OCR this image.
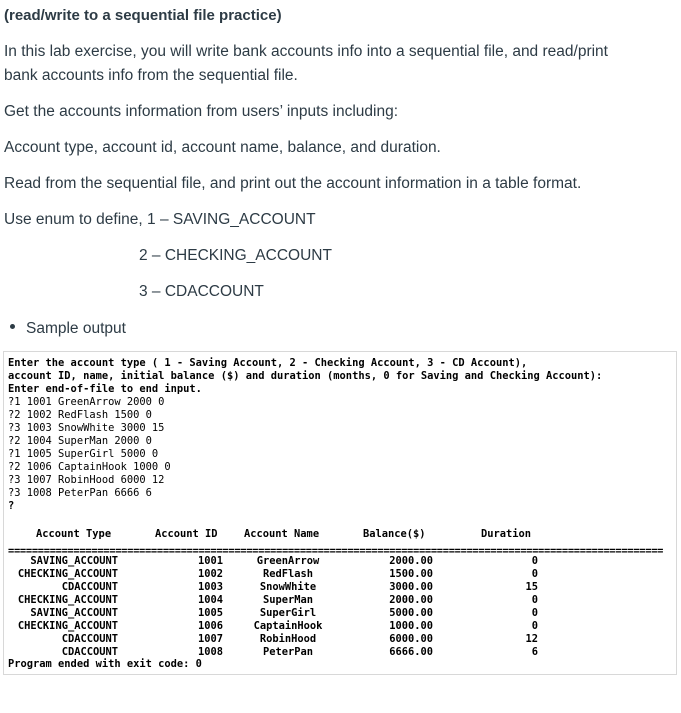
(read/write to a sequential file practice)
In this lab exercise, you will write bank accounts info into a sequential file, and read/print
bank accounts info from the sequential file.
Get the accounts information from users’ inputs including:
Account type, account id, account name, balance, and duration.
Read from the sequential file, and print out the account information in a table format.
Use enum to define, 1 – SAVING_ACCOUNT
2 – CHECKING_ACCOUNT
3 – CDACCOUNT
Sample output
Enter the account type ( 1 - Saving Account, 2 - Checking Account, 3 - CD Account),
account ID, name, initial balance ($) and duration (months, 0 for Saving and Checking Account):
Enter end-of-file to end input.
?1 1001 GreenArrow 2000 0
?2 1002 RedFlash 1500 0
?3 1003 SnowWhite 3000 15
?2 1004 SuperMan 2000 0
?1 1005 SuperGirl 5000 0
?2 1006 CaptainHook 1000 0
?3 1007 RobinHood 6000 12
?3 1008 PeterPan 6666 6
?
Account Type	Account ID	Account Name	Balance($)	Duration
==============================================================================================================
SAVING_ACCOUNT	1001	GreenArrow	2000.00	0
CHECKING_ACCOUNT	1002	RedFlash	1500.00	0
CDACCOUNT	1003	SnowWhite	3000.00	15
CHECKING_ACCOUNT	1004	SuperMan	2000.00	0
SAVING_ACCOUNT	1005	SuperGirl	5000.00	0
CHECKING_ACCOUNT	1006	CaptainHook	1000.00	0
CDACCOUNT	1007	RobinHood	6000.00	12
CDACCOUNT	1008	PeterPan	6666.00	6
Program ended with exit code: 0
